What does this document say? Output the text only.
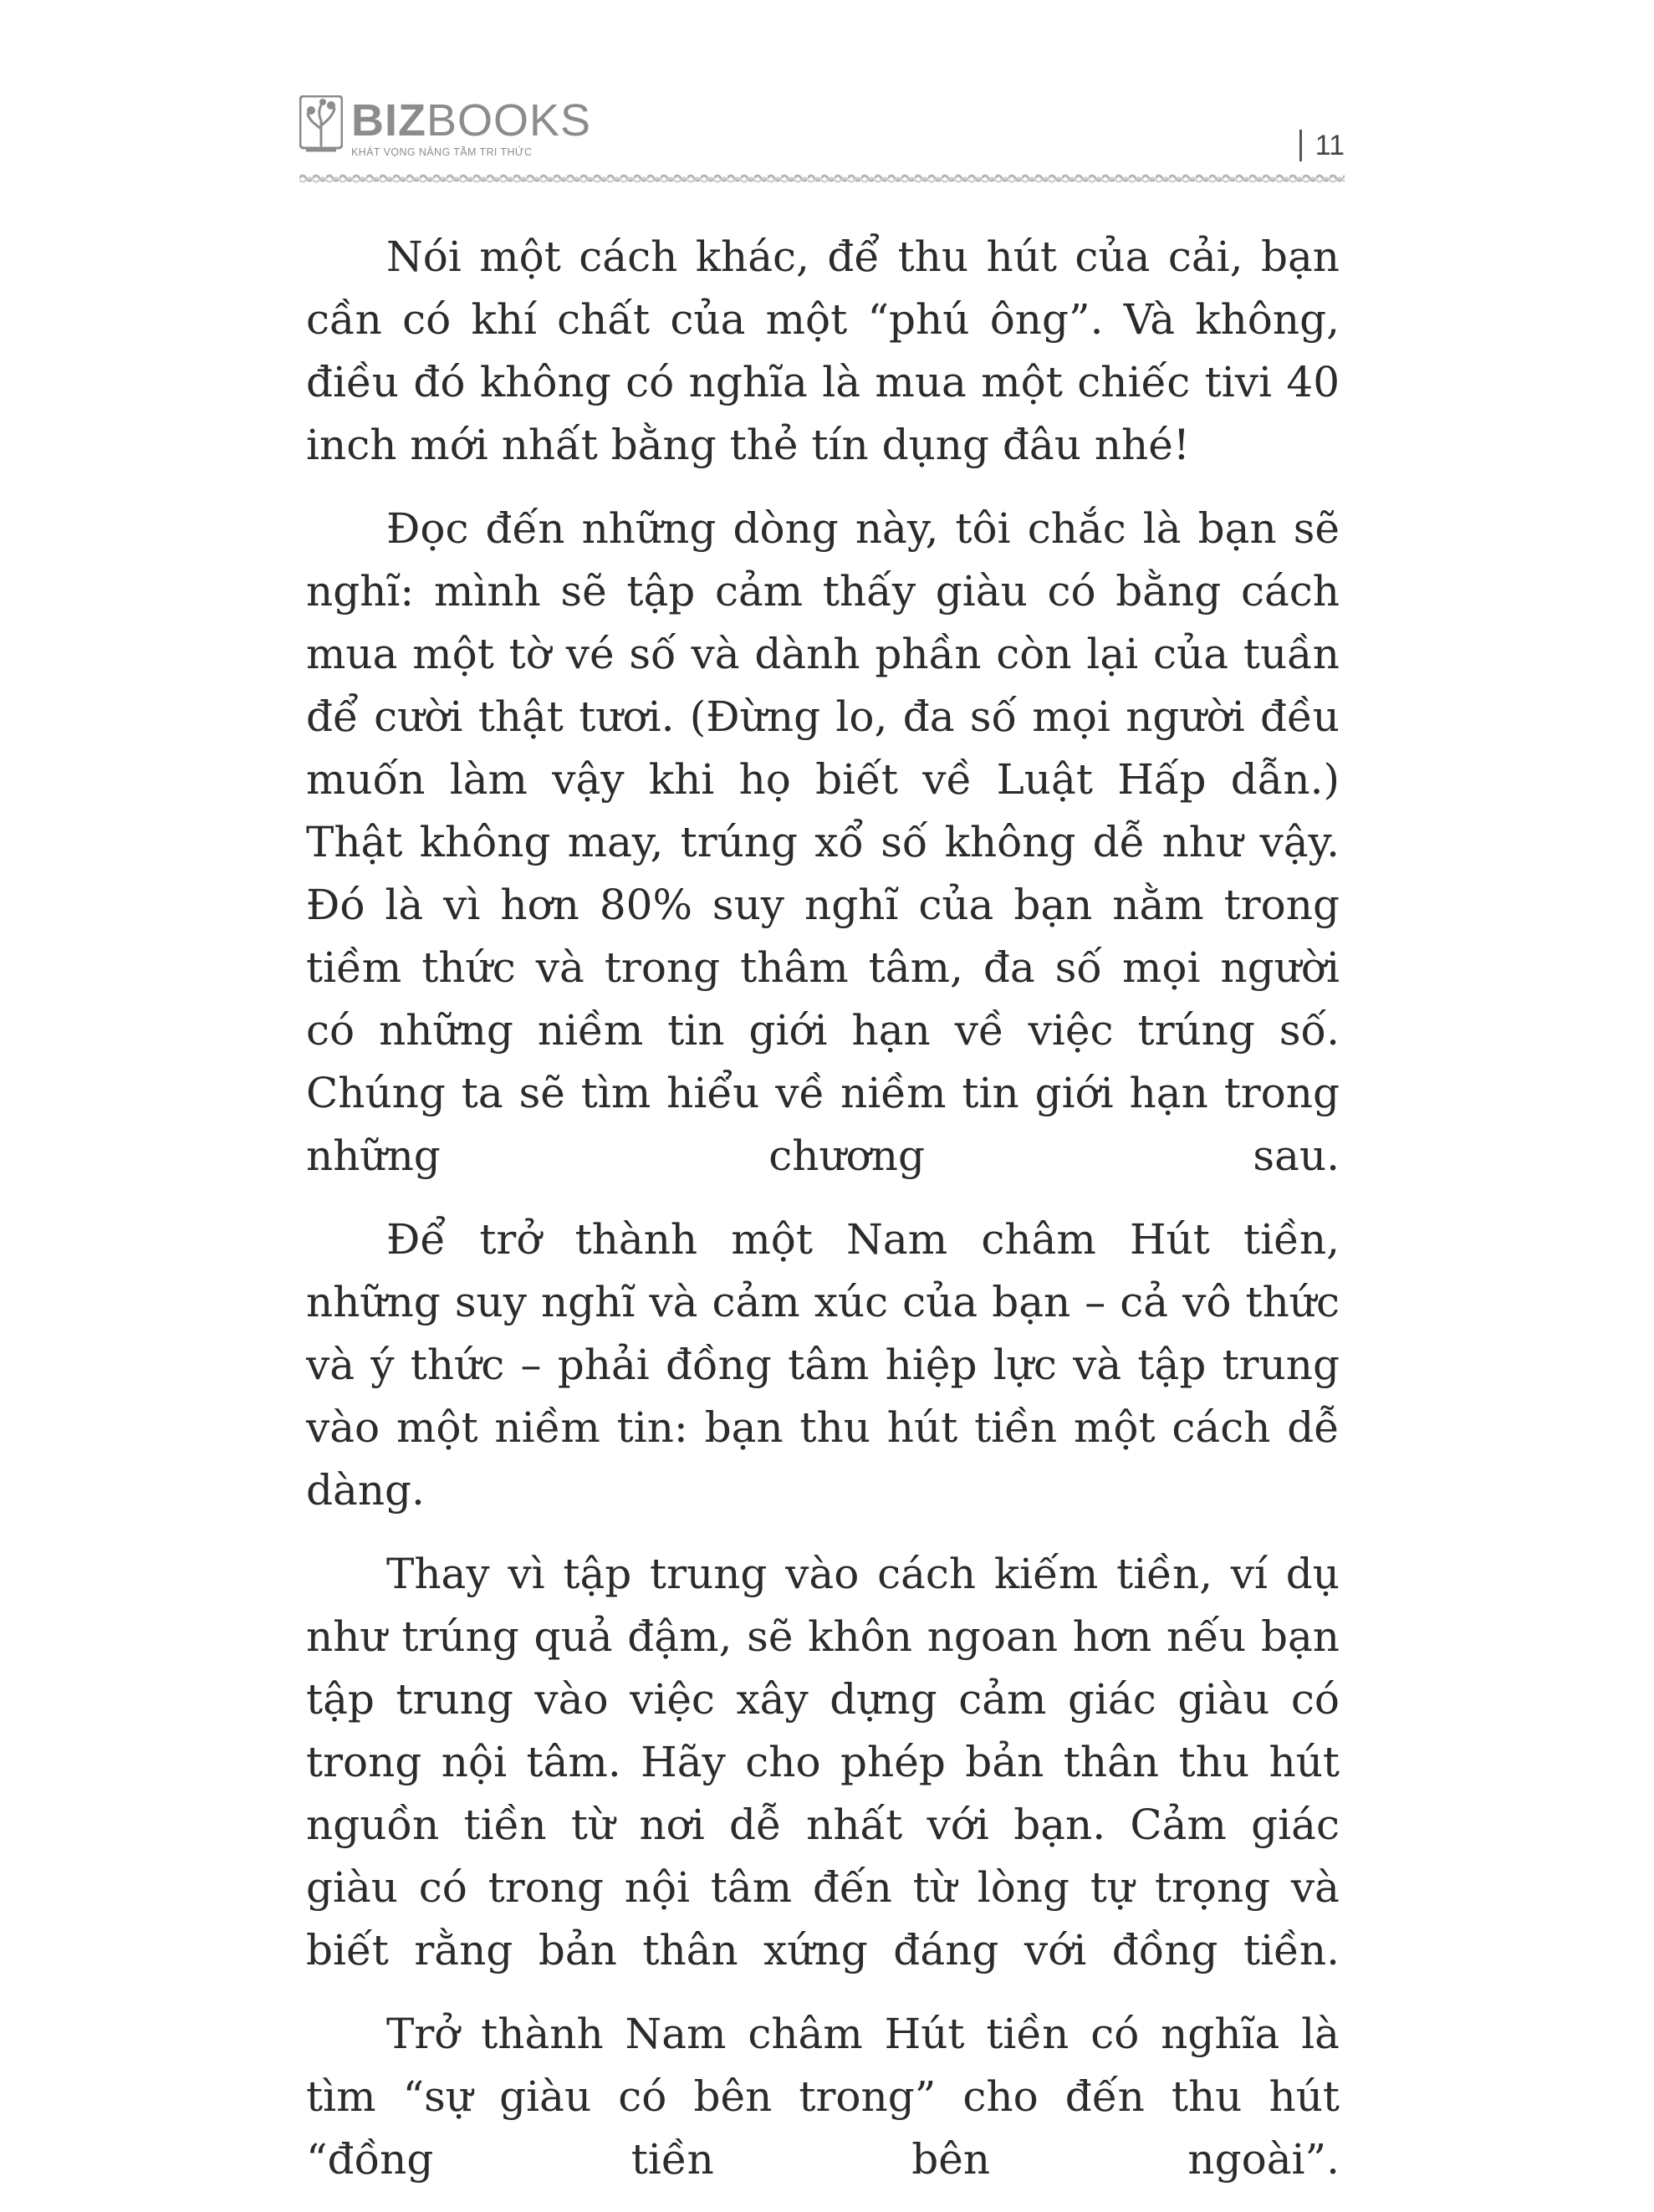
BIZBOOKS
KHÁT VỌNG NÂNG TẦM TRI THỨC	11

Nói một cách khác, để thu hút của cải, bạn cần có khí chất của một “phú ông”. Và không, điều đó không có nghĩa là mua một chiếc tivi 40 inch mới nhất bằng thẻ tín dụng đâu nhé!

Đọc đến những dòng này, tôi chắc là bạn sẽ nghĩ: mình sẽ tập cảm thấy giàu có bằng cách mua một tờ vé số và dành phần còn lại của tuần để cười thật tươi. (Đừng lo, đa số mọi người đều muốn làm vậy khi họ biết về Luật Hấp dẫn.) Thật không may, trúng xổ số không dễ như vậy. Đó là vì hơn 80% suy nghĩ của bạn nằm trong tiềm thức và trong thâm tâm, đa số mọi người có những niềm tin giới hạn về việc trúng số. Chúng ta sẽ tìm hiểu về niềm tin giới hạn trong những chương sau.

Để trở thành một Nam châm Hút tiền, những suy nghĩ và cảm xúc của bạn – cả vô thức và ý thức – phải đồng tâm hiệp lực và tập trung vào một niềm tin: bạn thu hút tiền một cách dễ dàng.

Thay vì tập trung vào cách kiếm tiền, ví dụ như trúng quả đậm, sẽ khôn ngoan hơn nếu bạn tập trung vào việc xây dựng cảm giác giàu có trong nội tâm. Hãy cho phép bản thân thu hút nguồn tiền từ nơi dễ nhất với bạn. Cảm giác giàu có trong nội tâm đến từ lòng tự trọng và biết rằng bản thân xứng đáng với đồng tiền.

Trở thành Nam châm Hút tiền có nghĩa là tìm “sự giàu có bên trong” cho đến thu hút “đồng tiền bên ngoài”.
